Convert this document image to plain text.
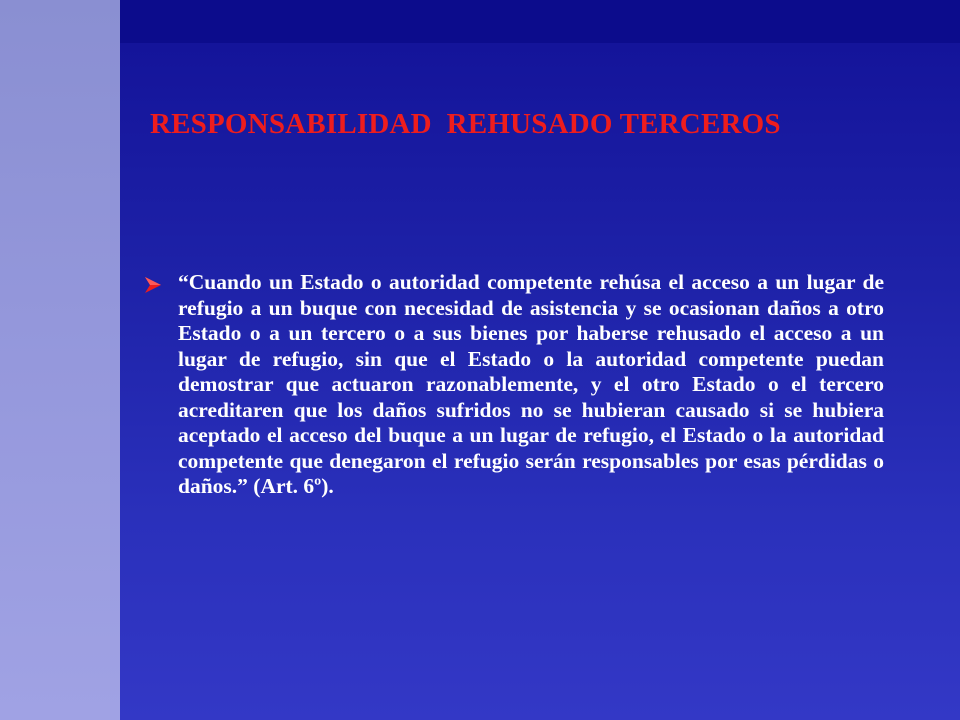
RESPONSABILIDAD  REHUSADO TERCEROS

“Cuando un Estado o autoridad competente rehúsa el acceso a un lugar de refugio a un buque con necesidad de asistencia y se ocasionan daños a otro Estado o a un tercero o a sus bienes por haberse rehusado el acceso a un lugar de refugio, sin que el Estado o la autoridad competente puedan demostrar que actuaron razonablemente, y el otro Estado o el tercero acreditaren que los daños sufridos no se hubieran causado si se hubiera aceptado el acceso del buque a un lugar de refugio, el Estado o la autoridad competente que denegaron el refugio serán responsables por esas pérdidas o daños.” (Art. 6º).
